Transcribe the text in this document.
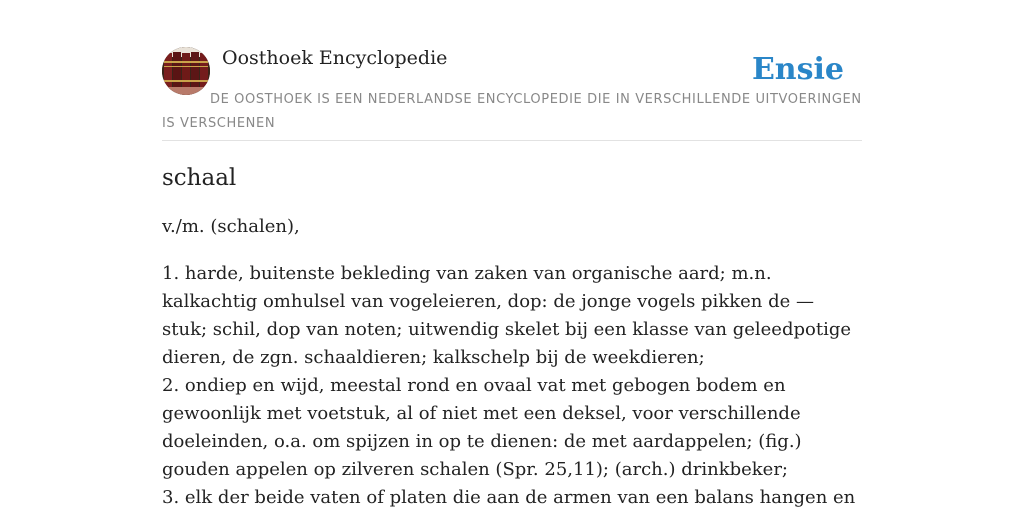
Oosthoek Encyclopedie	Ensie
DE OOSTHOEK IS EEN NEDERLANDSE ENCYCLOPEDIE DIE IN VERSCHILLENDE UITVOERINGEN IS VERSCHENEN
schaal

v./m. (schalen),

1. harde, buitenste bekleding van zaken van organische aard; m.n. kalkachtig omhulsel van vogeleieren, dop: de jonge vogels pikken de — stuk; schil, dop van noten; uitwendig skelet bij een klasse van geleedpotige dieren, de zgn. schaaldieren; kalkschelp bij de weekdieren;
2. ondiep en wijd, meestal rond en ovaal vat met gebogen bodem en gewoonlijk met voetstuk, al of niet met een deksel, voor verschillende doeleinden, o.a. om spijzen in op te dienen: de met aardappelen; (fig.) gouden appelen op zilveren schalen (Spr. 25,11); (arch.) drinkbeker;
3. elk der beide vaten of platen die aan de armen van een balans hangen en
